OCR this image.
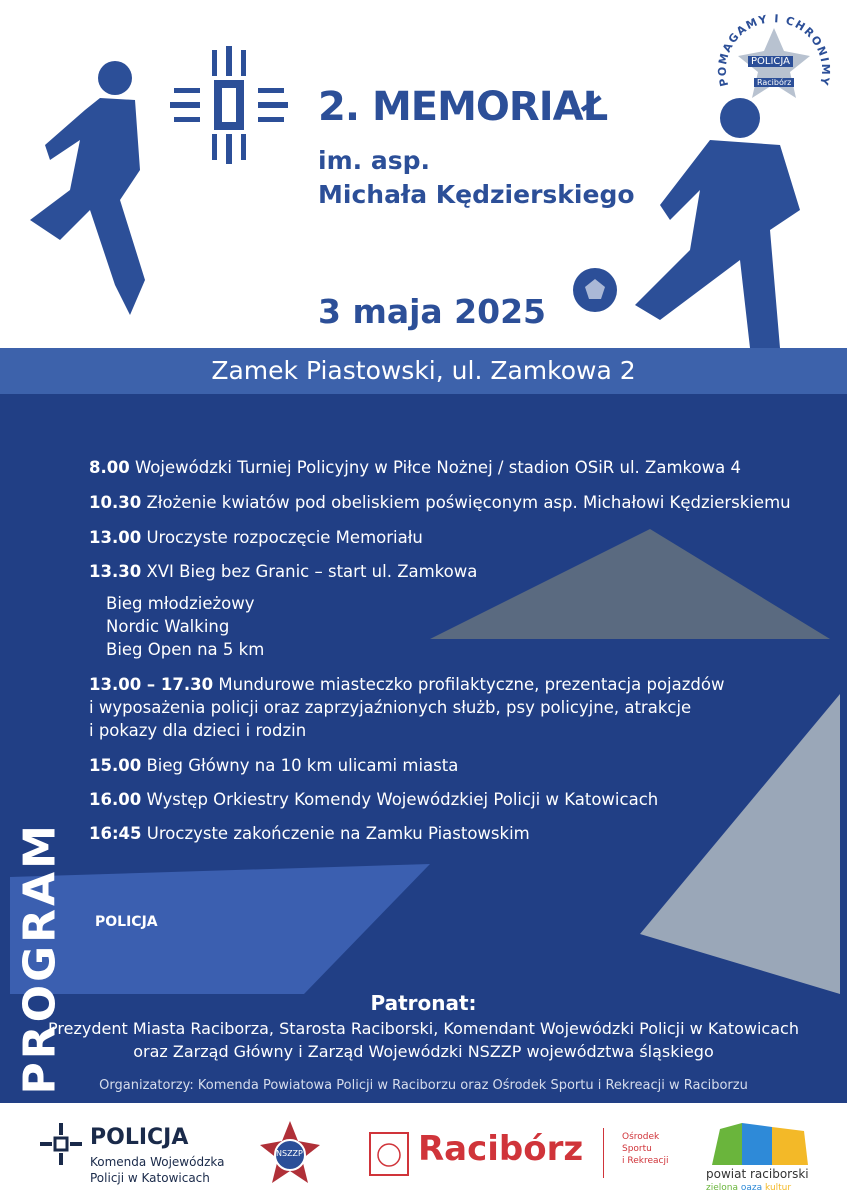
2. MEMORIAŁ
im. asp.
Michała Kędzierskiego
3 maja 2025
POMAGAMY I CHRONIMY
POLICJA
Racibórz
Zamek Piastowski, ul. Zamkowa 2
POLICJA
PROGRAM
8.00 Wojewódzki Turniej Policyjny w Piłce Nożnej / stadion OSiR ul. Zamkowa 4
10.30 Złożenie kwiatów pod obeliskiem poświęconym asp. Michałowi Kędzierskiemu
13.00 Uroczyste rozpoczęcie Memoriału
13.30 XVI Bieg bez Granic – start ul. Zamkowa
Bieg młodzieżowy
Nordic Walking
Bieg Open na 5 km
13.00 – 17.30 Mundurowe miasteczko profilaktyczne, prezentacja pojazdów
i wyposażenia policji oraz zaprzyjaźnionych służb, psy policyjne, atrakcje
i pokazy dla dzieci i rodzin
15.00 Bieg Główny na 10 km ulicami miasta
16.00 Występ Orkiestry Komendy Wojewódzkiej Policji w Katowicach
16:45 Uroczyste zakończenie na Zamku Piastowskim
Patronat:
Prezydent Miasta Raciborza, Starosta Raciborski, Komendant Wojewódzki Policji w Katowicach
oraz Zarząd Główny i Zarząd Wojewódzki NSZZP województwa śląskiego
Organizatorzy: Komenda Powiatowa Policji w Raciborzu oraz Ośrodek Sportu i Rekreacji w Raciborzu
POLICJA
Komenda Wojewódzka
Policji w Katowicach
NSZZP	Racibórz	Ośrodek
Sportu
i Rekreacji
powiat raciborski
zielona oaza kultur
